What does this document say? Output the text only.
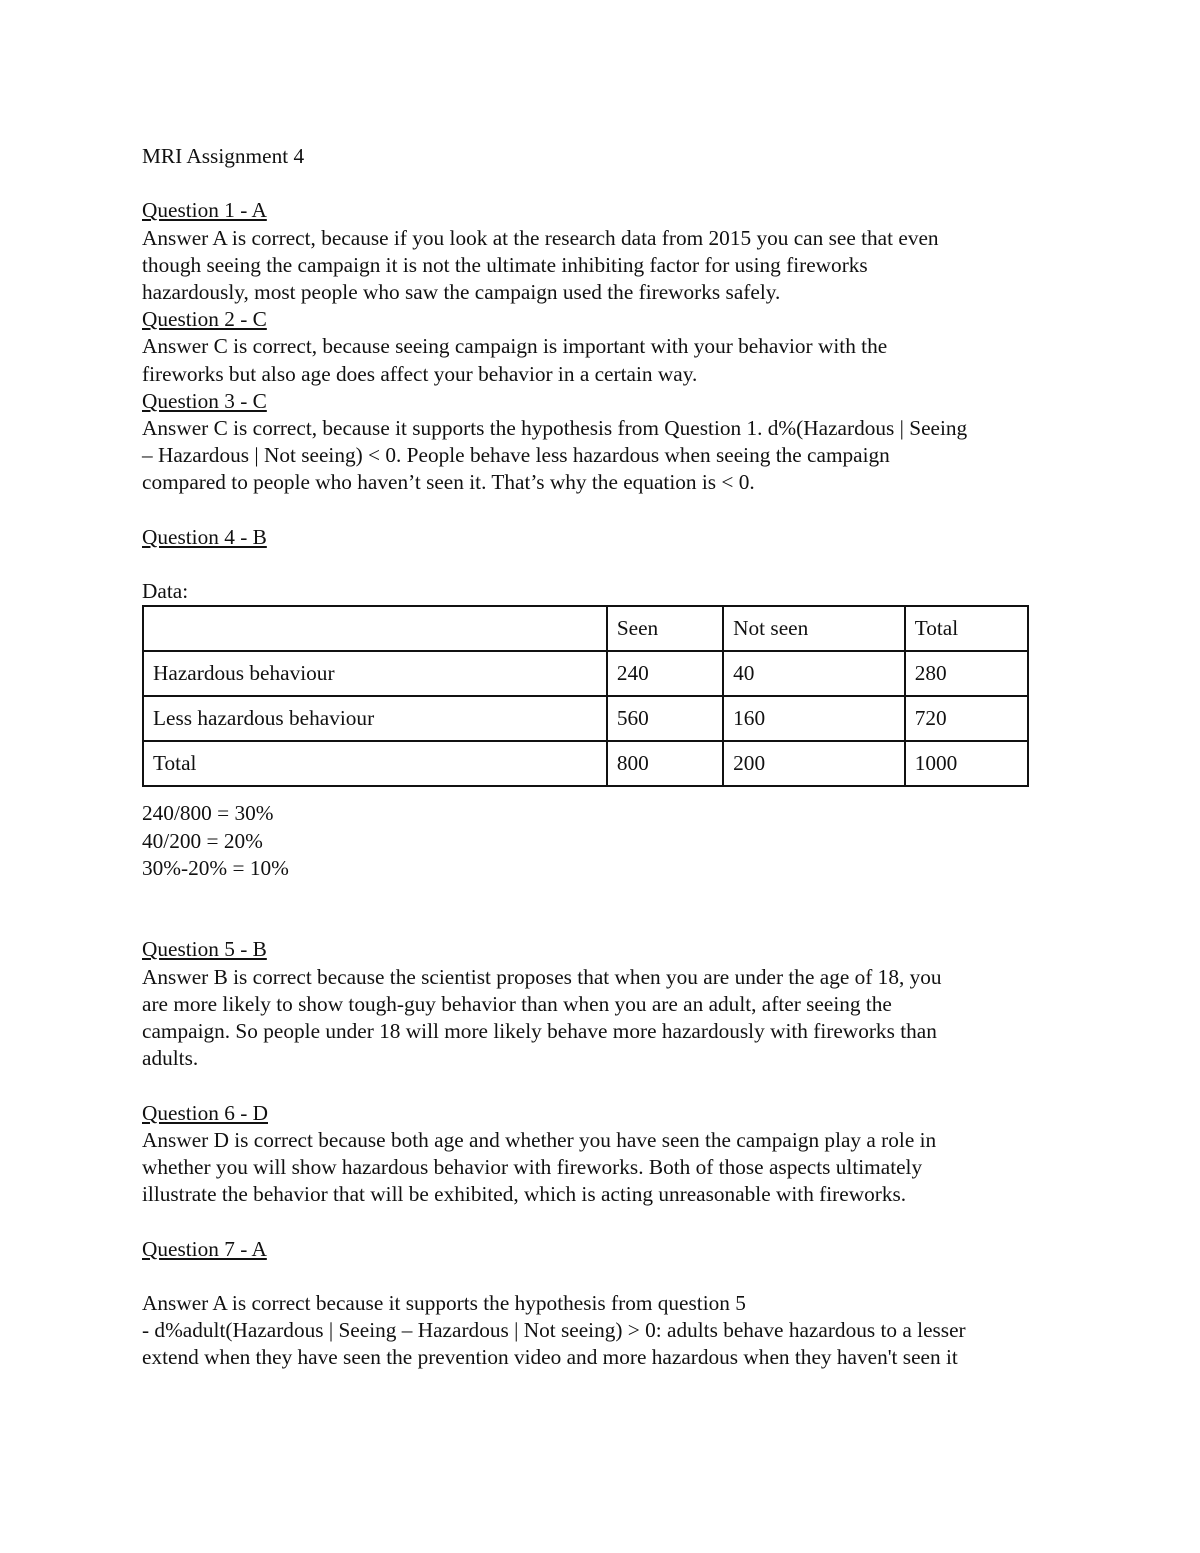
MRI Assignment 4

Question 1 - A

Answer A is correct, because if you look at the research data from 2015 you can see that even

though seeing the campaign it is not the ultimate inhibiting factor for using fireworks

hazardously, most people who saw the campaign used the fireworks safely.

Question 2 - C

Answer C is correct, because seeing campaign is important with your behavior with the

fireworks but also age does affect your behavior in a certain way.

Question 3 - C

Answer C is correct, because it supports the hypothesis from Question 1. d%(Hazardous | Seeing

– Hazardous | Not seeing) < 0. People behave less hazardous when seeing the campaign

compared to people who haven’t seen it. That’s why the equation is < 0.

Question 4 - B

Data:

	Seen	Not seen	Total
Hazardous behaviour	240	40	280
Less hazardous behaviour	560	160	720
Total	800	200	1000

240/800 = 30%

40/200 = 20%

30%-20% = 10%

Question 5 - B

Answer B is correct because the scientist proposes that when you are under the age of 18, you

are more likely to show tough-guy behavior than when you are an adult, after seeing the

campaign. So people under 18 will more likely behave more hazardously with fireworks than

adults.

Question 6 - D

Answer D is correct because both age and whether you have seen the campaign play a role in

whether you will show hazardous behavior with fireworks. Both of those aspects ultimately

illustrate the behavior that will be exhibited, which is acting unreasonable with fireworks.

Question 7 - A

Answer A is correct because it supports the hypothesis from question 5

- d%adult(Hazardous | Seeing – Hazardous | Not seeing) > 0: adults behave hazardous to a lesser

extend when they have seen the prevention video and more hazardous when they haven't seen it
